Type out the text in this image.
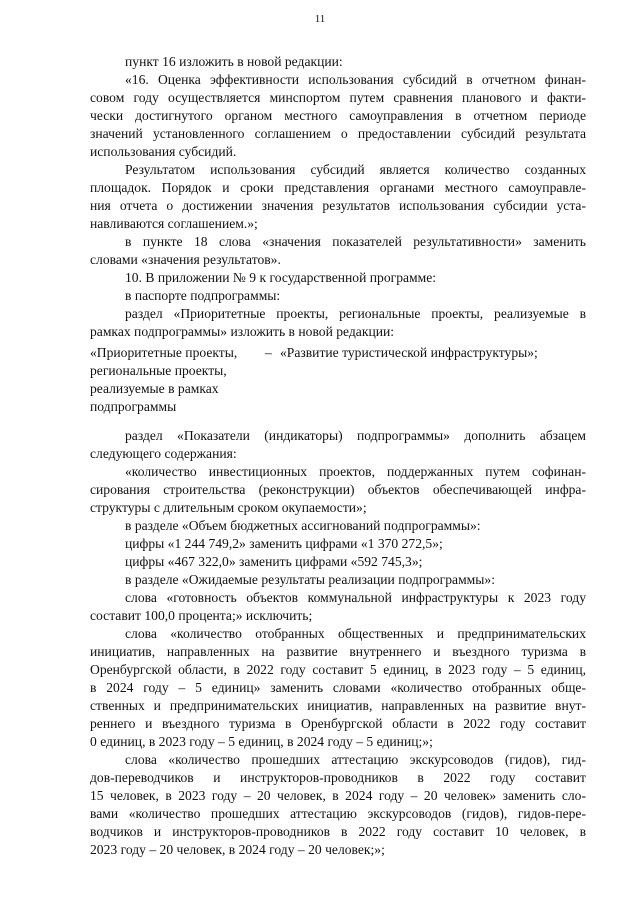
11
пункт 16 изложить в новой редакции:
«16. Оценка эффективности использования субсидий в отчетном финан-
совом году осуществляется минспортом путем сравнения планового и факти-
чески достигнутого органом местного самоуправления в отчетном периоде
значений установленного соглашением о предоставлении субсидий результата
использования субсидий.
Результатом использования субсидий является количество созданных
площадок. Порядок и сроки представления органами местного самоуправле-
ния отчета о достижении значения результатов использования субсидии уста-
навливаются соглашением.»;
в пункте 18 слова «значения показателей результативности» заменить
словами «значения результатов».
10. В приложении № 9 к государственной программе:
в паспорте подпрограммы:
раздел «Приоритетные проекты, региональные проекты, реализуемые в
рамках подпрограммы» изложить в новой редакции:
раздел «Показатели (индикаторы) подпрограммы» дополнить абзацем
следующего содержания:
«количество инвестиционных проектов, поддержанных путем софинан-
сирования строительства (реконструкции) объектов обеспечивающей инфра-
структуры с длительным сроком окупаемости»;
в разделе «Объем бюджетных ассигнований подпрограммы»:
цифры «1 244 749,2» заменить цифрами «1 370 272,5»;
цифры «467 322,0» заменить цифрами «592 745,3»;
в разделе «Ожидаемые результаты реализации подпрограммы»:
слова «готовность объектов коммунальной инфраструктуры к 2023 году
составит 100,0 процента;» исключить;
слова «количество отобранных общественных и предпринимательских
инициатив, направленных на развитие внутреннего и въездного туризма в
Оренбургской области, в 2022 году составит 5 единиц, в 2023 году – 5 единиц,
в 2024 году – 5 единиц» заменить словами «количество отобранных обще-
ственных и предпринимательских инициатив, направленных на развитие внут-
реннего и въездного туризма в Оренбургской области в 2022 году составит
0 единиц, в 2023 году – 5 единиц, в 2024 году – 5 единиц;»;
слова «количество прошедших аттестацию экскурсоводов (гидов), гид-
дов-переводчиков и инструкторов-проводников в 2022 году составит
15 человек, в 2023 году – 20 человек, в 2024 году – 20 человек» заменить сло-
вами «количество прошедших аттестацию экскурсоводов (гидов), гидов-пере-
водчиков и инструкторов-проводников в 2022 году составит 10 человек, в
2023 году – 20 человек, в 2024 году – 20 человек;»;
«Приоритетные проекты,
региональные проекты,
реализуемые в рамках
подпрограммы
– «Развитие туристической инфраструктуры»;
